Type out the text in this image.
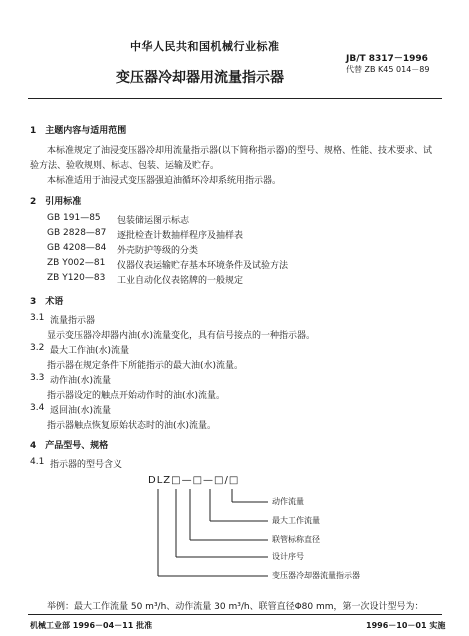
中华人民共和国机械行业标准
JB/T 8317－1996
代替 ZB K45 014－89
变压器冷却器用流量指示器
1　主题内容与适用范围
本标准规定了油浸变压器冷却用流量指示器(以下简称指示器)的型号、规格、性能、技术要求、试
验方法、验收规则、标志、包装、运输及贮存。
本标准适用于油浸式变压器强迫油循环冷却系统用指示器。
2　引用标准
GB 191—85 包装储运图示标志
GB 2828—87 逐批检查计数抽样程序及抽样表
GB 4208—84 外壳防护等级的分类
ZB Y002—81 仪器仪表运输贮存基本环境条件及试验方法
ZB Y120—83 工业自动化仪表铭牌的一般规定
3　术语
3.1 流量指示器
显示变压器冷却器内油(水)流量变化，具有信号接点的一种指示器。
3.2 最大工作油(水)流量
指示器在规定条件下所能指示的最大油(水)流量。
3.3 动作油(水)流量
指示器设定的触点开始动作时的油(水)流量。
3.4 返回油(水)流量
指示器触点恢复原始状态时的油(水)流量。
4　产品型号、规格
4.1 指示器的型号含义
DLZ□—□—□/□
动作流量
最大工作流量
联管标称直径
设计序号
变压器冷却器流量指示器
举例：最大工作流量 50 m³/h、动作流量 30 m³/h、联管直径Φ80 mm，第一次设计型号为：
机械工业部 1996－04－11 批准	1996－10－01 实施
